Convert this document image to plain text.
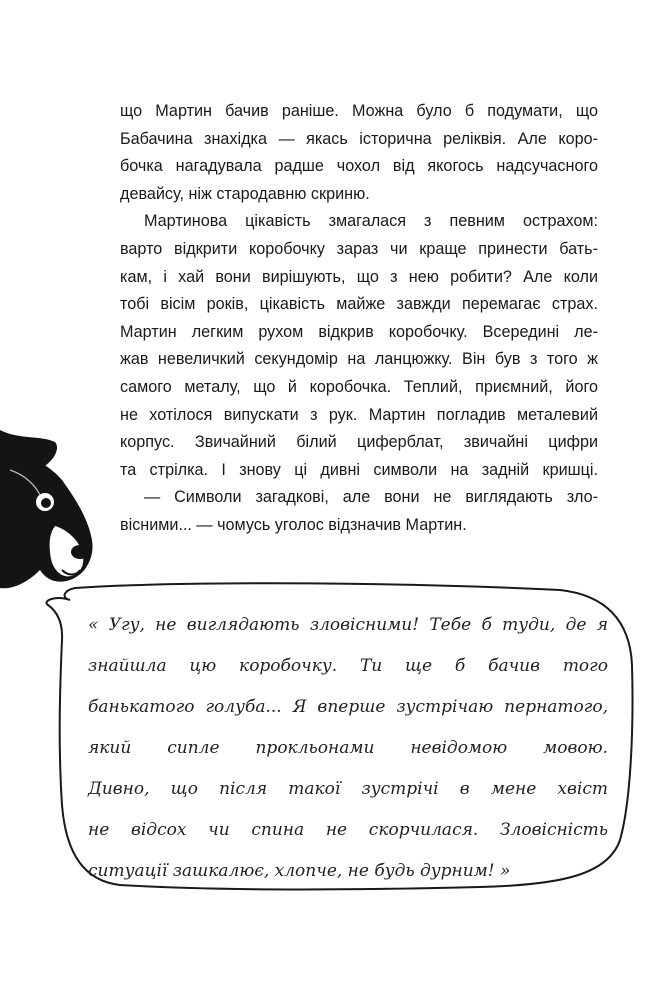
що Мартин бачив раніше. Можна було б подумати, що
Бабачина знахідка — якась історична реліквія. Але коро-
бочка нагадувала радше чохол від якогось надсучасного
девайсу, ніж стародавню скриню.
Мартинова цікавість змагалася з певним острахом:
варто відкрити коробочку зараз чи краще принести бать-
кам, і хай вони вирішують, що з нею робити? Але коли
тобі вісім років, цікавість майже завжди перемагає страх.
Мартин легким рухом відкрив коробочку. Всередині ле-
жав невеличкий секундомір на ланцюжку. Він був з того ж
самого металу, що й коробочка. Теплий, приємний, його
не хотілося випускати з рук. Мартин погладив металевий
корпус. Звичайний білий циферблат, звичайні цифри
та стрілка. І знову ці дивні символи на задній кришці.
— Символи загадкові, але вони не виглядають зло-
вісними... — чомусь уголос відзначив Мартин.
« Угу, не виглядають зловісними! Тебе б туди, де я
знайшла цю коробочку. Ти ще б бачив того
банькатого голуба... Я вперше зустрічаю пернатого,
який сипле прокльонами невідомою мовою.
Дивно, що після такої зустрічі в мене хвіст
не відсох чи спина не скорчилася. Зловісність
ситуації зашкалює, хлопче, не будь дурним! »
